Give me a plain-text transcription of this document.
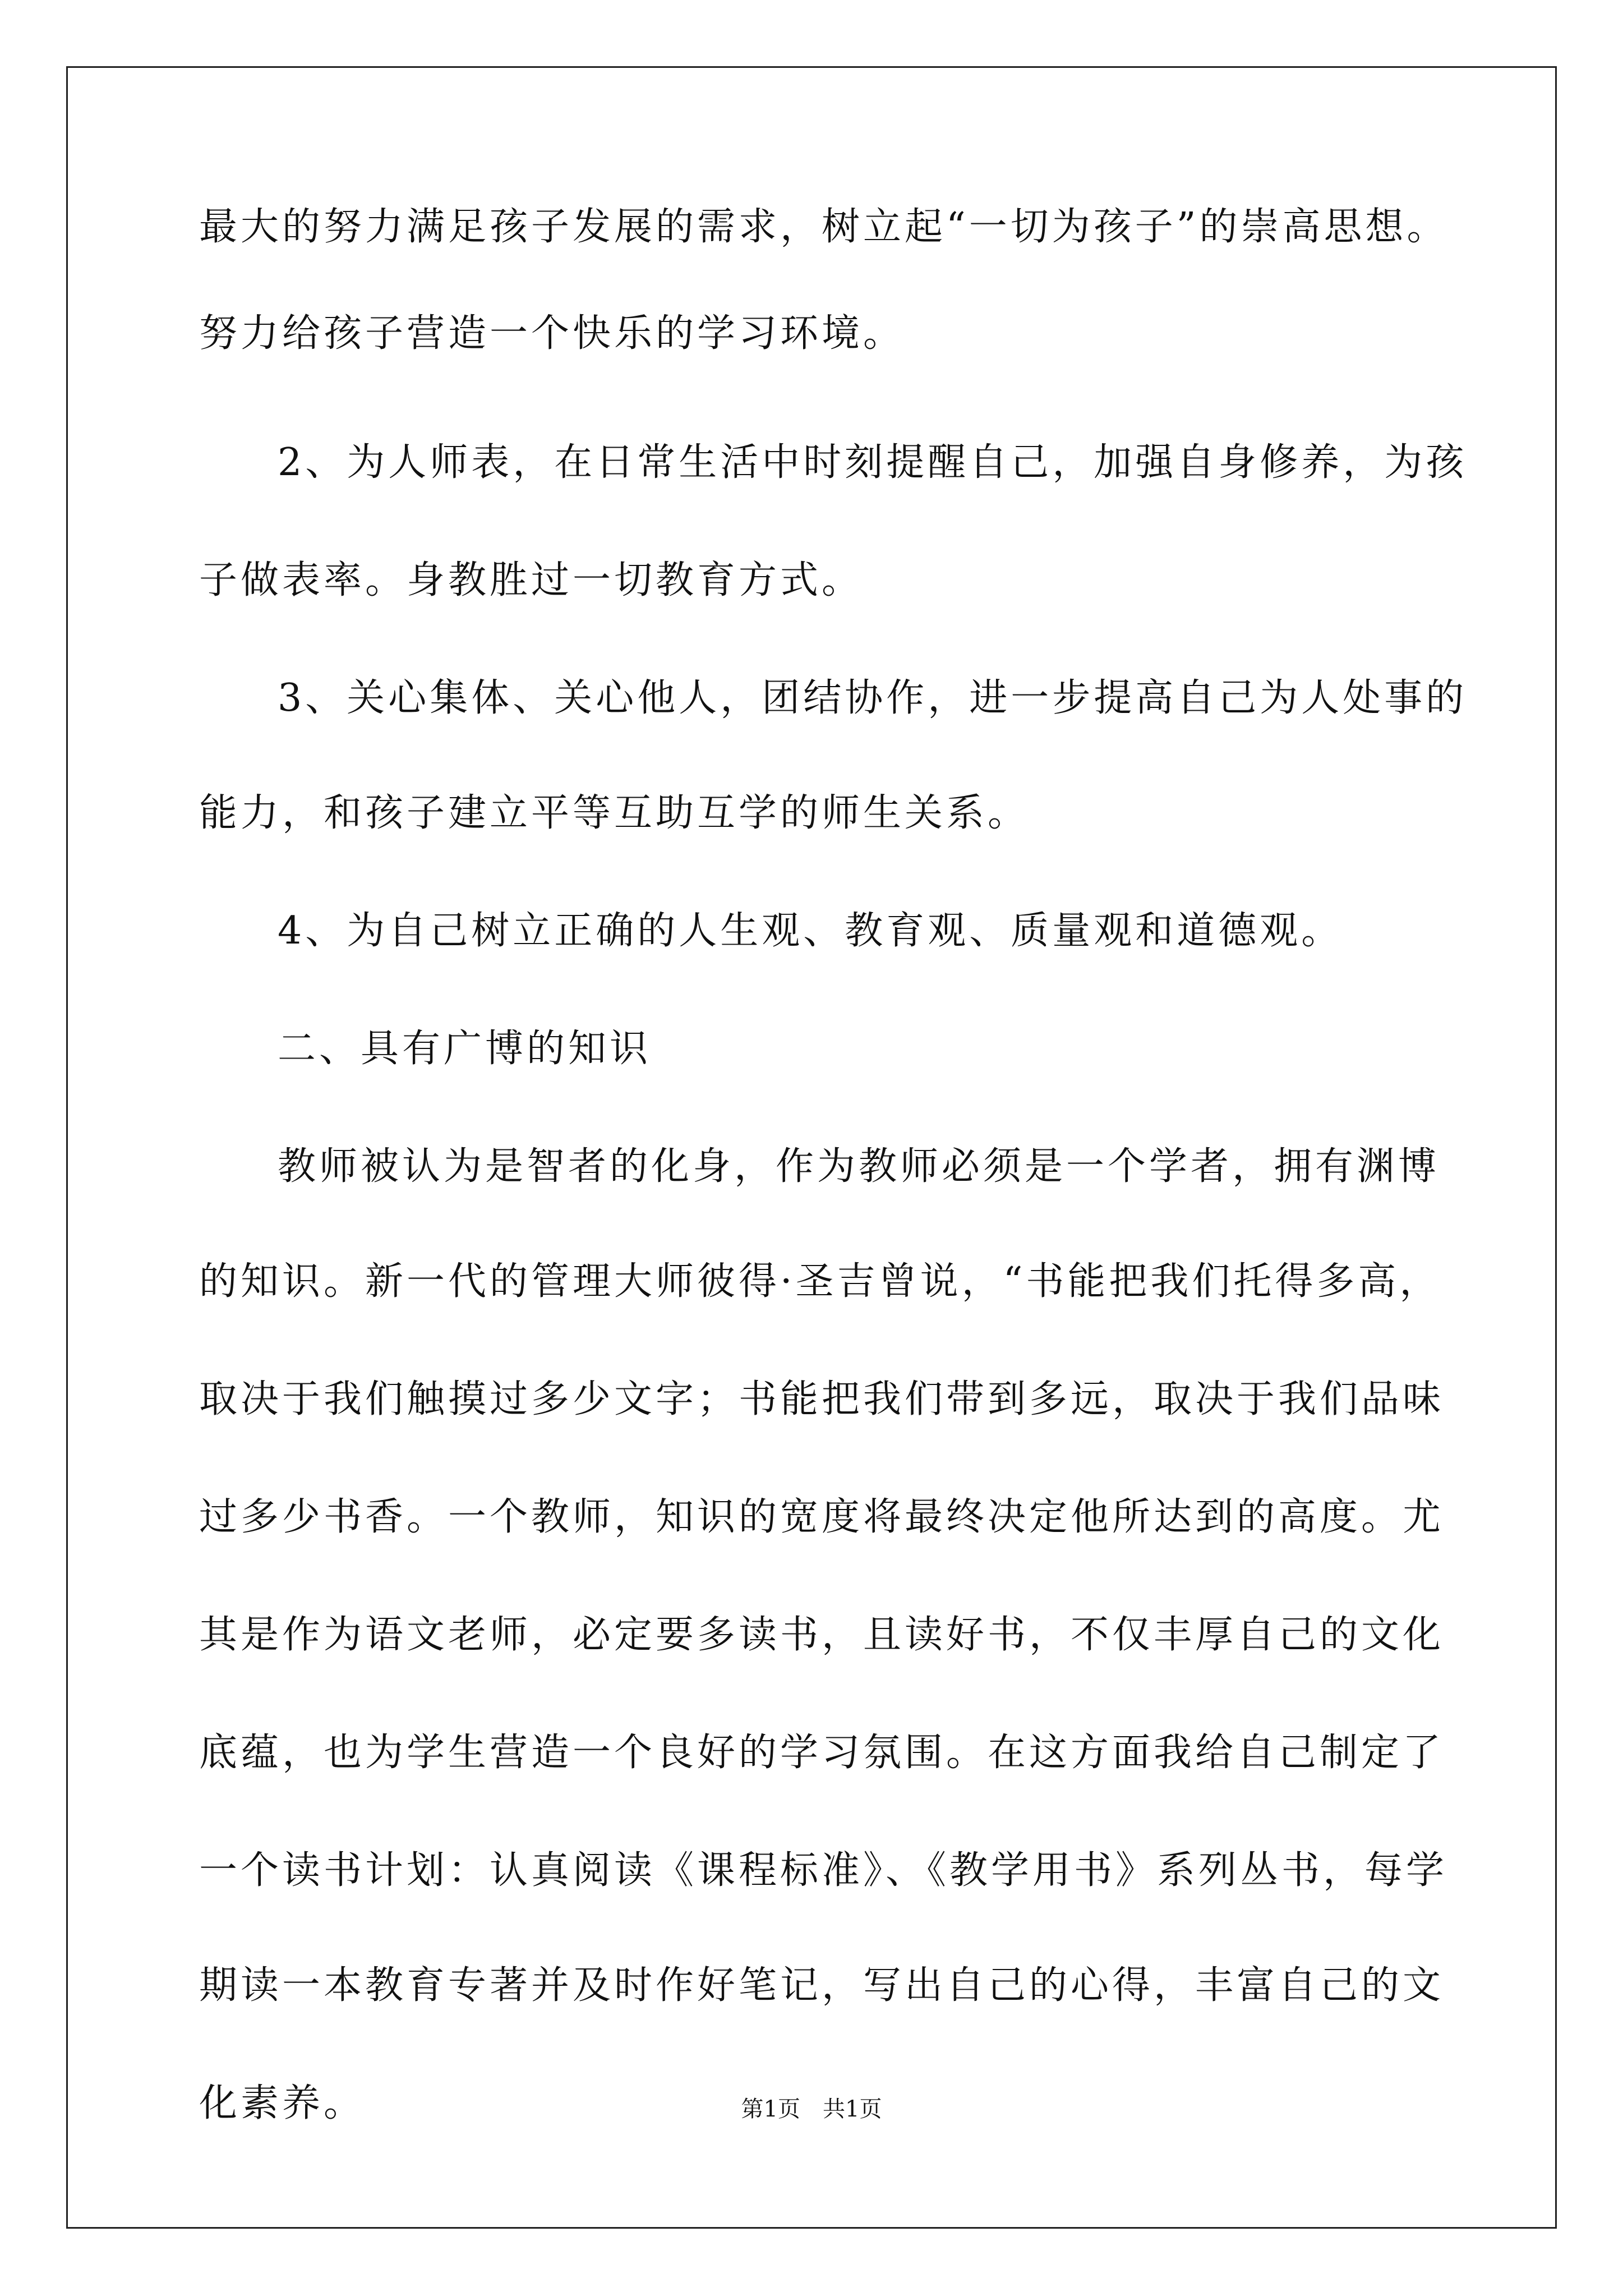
最大的努力满足孩子发展的需求，树立起“一切为孩子”的崇高思想。
努力给孩子营造一个快乐的学习环境。
2、为人师表，在日常生活中时刻提醒自己，加强自身修养，为孩
子做表率。身教胜过一切教育方式。
3、关心集体、关心他人，团结协作，进一步提高自己为人处事的
能力，和孩子建立平等互助互学的师生关系。
4、为自己树立正确的人生观、教育观、质量观和道德观。
二、具有广博的知识
教师被认为是智者的化身，作为教师必须是一个学者，拥有渊博
的知识。新一代的管理大师彼得·圣吉曾说，“书能把我们托得多高，
取决于我们触摸过多少文字；书能把我们带到多远，取决于我们品味
过多少书香。一个教师，知识的宽度将最终决定他所达到的高度。尤
其是作为语文老师，必定要多读书，且读好书，不仅丰厚自己的文化
底蕴，也为学生营造一个良好的学习氛围。在这方面我给自己制定了
一个读书计划：认真阅读《课程标准》、《教学用书》系列丛书，每学
期读一本教育专著并及时作好笔记，写出自己的心得，丰富自己的文
化素养。	第1页 共1页
